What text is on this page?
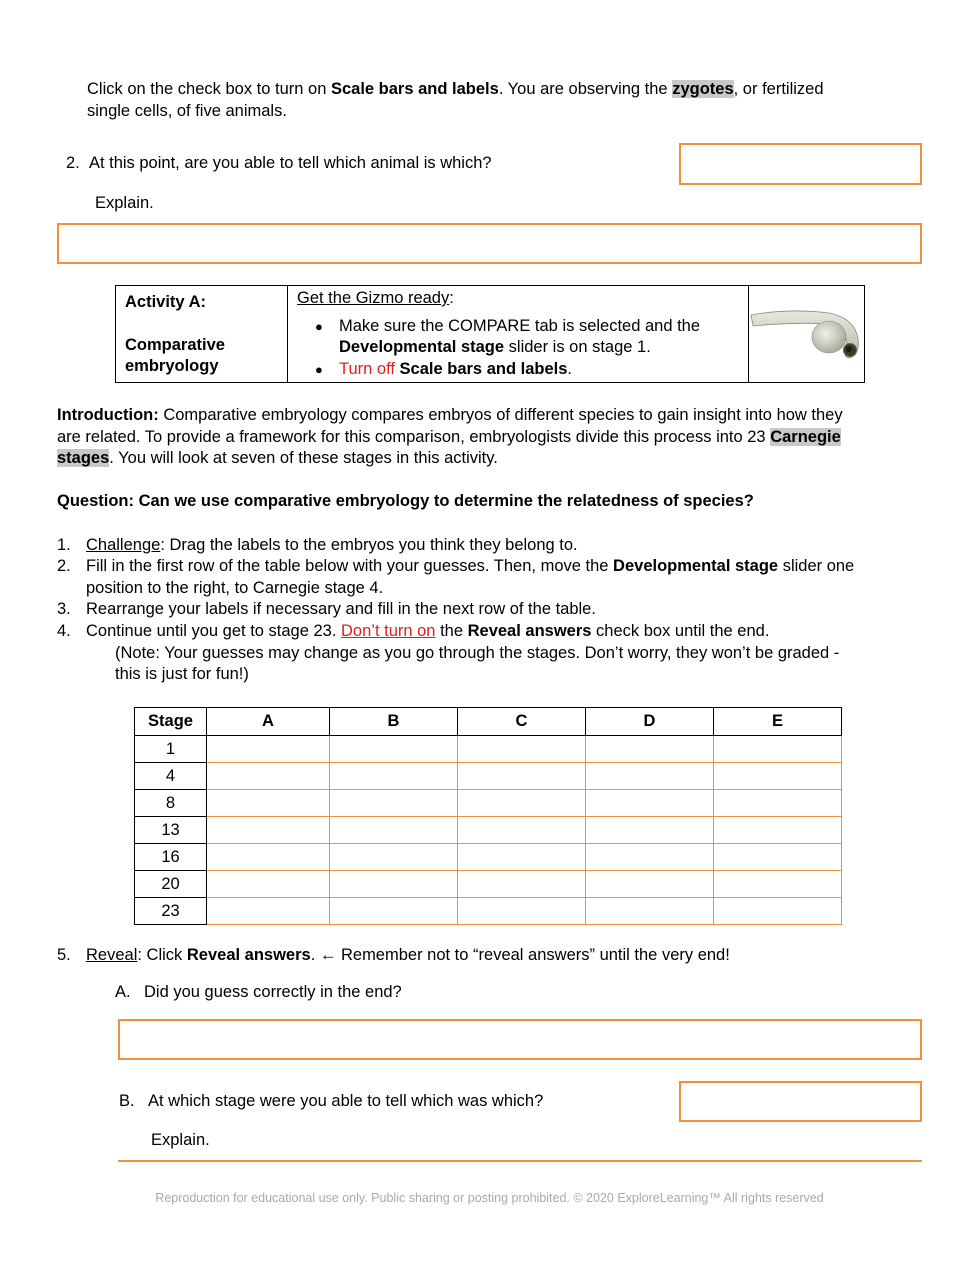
Click on the check box to turn on Scale bars and labels. You are observing the zygotes, or fertilized
single cells, of five animals.
2. At this point, are you able to tell which animal is which?
Explain.
Activity A:
Comparative
embryology
Get the Gizmo ready:
● Make sure the COMPARE tab is selected and the
Developmental stage slider is on stage 1.
● Turn off Scale bars and labels.
Introduction: Comparative embryology compares embryos of different species to gain insight into how they
are related. To provide a framework for this comparison, embryologists divide this process into 23 Carnegie
stages. You will look at seven of these stages in this activity.
Question: Can we use comparative embryology to determine the relatedness of species?
1. Challenge: Drag the labels to the embryos you think they belong to.
2. Fill in the first row of the table below with your guesses. Then, move the Developmental stage slider one
position to the right, to Carnegie stage 4.
3. Rearrange your labels if necessary and fill in the next row of the table.
4. Continue until you get to stage 23. Don’t turn on the Reveal answers check box until the end.
(Note: Your guesses may change as you go through the stages. Don’t worry, they won’t be graded -
this is just for fun!)
Stage	A	B	C	D	E
1					
4					
8					
13					
16					
20					
23					
5. Reveal: Click Reveal answers. ← Remember not to “reveal answers” until the very end!
A. Did you guess correctly in the end?
B. At which stage were you able to tell which was which?
Explain.
Reproduction for educational use only. Public sharing or posting prohibited. © 2020 ExploreLearning™ All rights reserved
